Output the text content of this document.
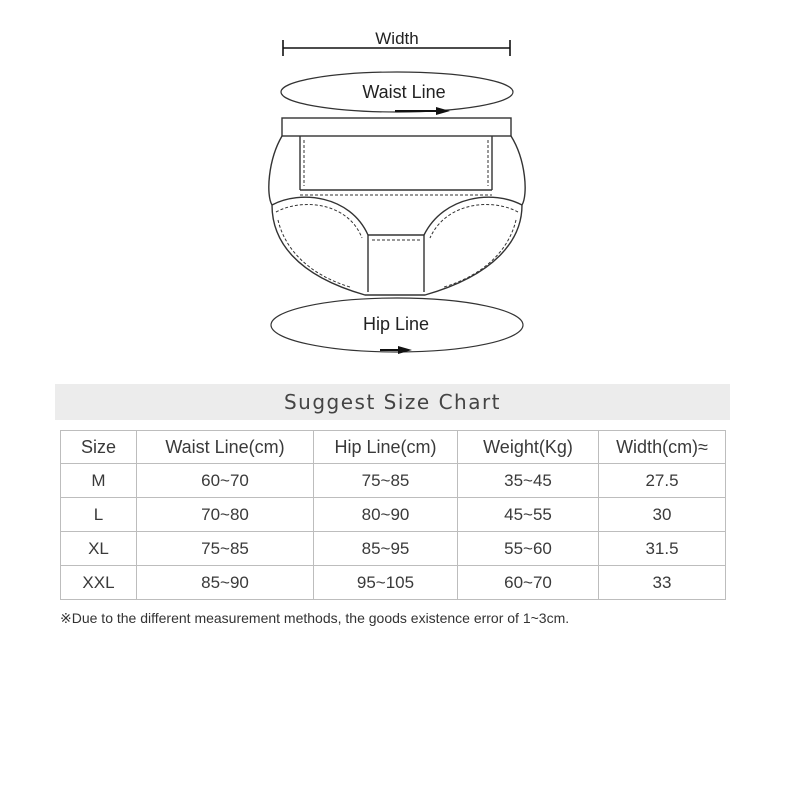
Width
Waist Line
Hip Line
Suggest Size Chart
Size	Waist Line(cm)	Hip Line(cm)	Weight(Kg)	Width(cm)≈
M	60~70	75~85	35~45	27.5
L	70~80	80~90	45~55	30
XL	75~85	85~95	55~60	31.5
XXL	85~90	95~105	60~70	33
※Due to the different measurement methods, the goods existence error of 1~3cm.
